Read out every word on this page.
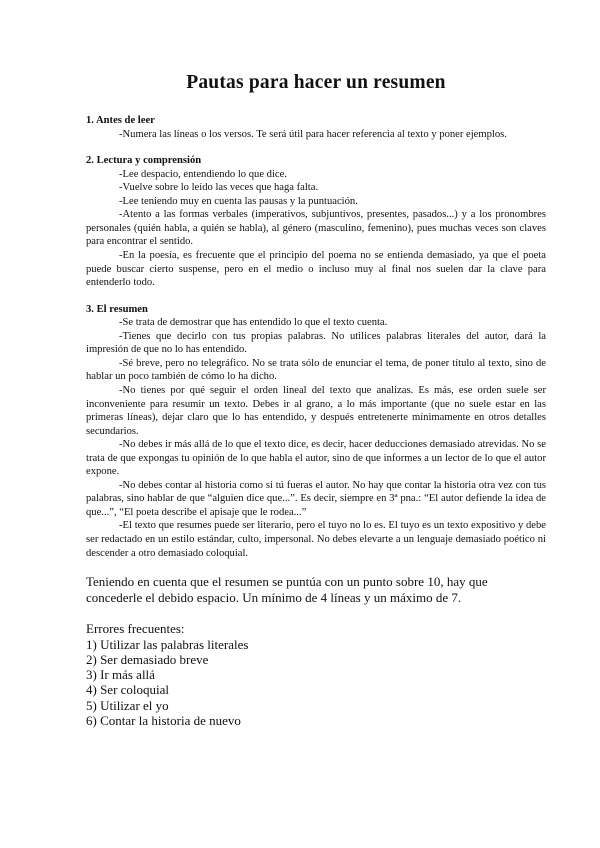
Pautas para hacer un resumen

1. Antes de leer

-Numera las líneas o los versos. Te será útil para hacer referencia al texto y poner ejemplos.

2. Lectura y comprensión

-Lee despacio, entendiendo lo que dice.

-Vuelve sobre lo leído las veces que haga falta.

-Lee teniendo muy en cuenta las pausas y la puntuación.

-Atento a las formas verbales (imperativos, subjuntivos, presentes, pasados...) y a los pronombres personales (quién habla, a quién se habla), al género (masculino, femenino), pues muchas veces son claves para encontrar el sentido.

-En la poesía, es frecuente que el principio del poema no se entienda demasiado, ya que el poeta puede buscar cierto suspense, pero en el medio o incluso muy al final nos suelen dar la clave para entenderlo todo.

3. El resumen

-Se trata de demostrar que has entendido lo que el texto cuenta.

-Tienes que decirlo con tus propias palabras. No utilices palabras literales del autor, dará la impresión de que no lo has entendido.

-Sé breve, pero no telegráfico. No se trata sólo de enunciar el tema, de poner título al texto, sino de hablar un poco también de cómo lo ha dicho.

-No tienes por qué seguir el orden lineal del texto que analizas. Es más, ese orden suele ser inconveniente para resumir un texto. Debes ir al grano, a lo más importante (que no suele estar en las primeras líneas), dejar claro que lo has entendido, y después entretenerte mínimamente en otros detalles secundarios.

-No debes ir más allá de lo que el texto dice, es decir, hacer deducciones demasiado atrevidas. No se trata de que expongas tu opinión de lo que habla el autor, sino de que informes a un lector de lo que el autor expone.

-No debes contar al historia como si tú fueras el autor. No hay que contar la historia otra vez con tus palabras, sino hablar de que “alguien dice que...”. Es decir, siempre en 3ª pna.: “El autor defiende la idea de que...”, “El poeta describe el apisaje que le rodea...”

-El texto que resumes puede ser literario, pero el tuyo no lo es. El tuyo es un texto expositivo y debe ser redactado en un estilo estándar, culto, impersonal. No debes elevarte a un lenguaje demasiado poético ni descender a otro demasiado coloquial.

Teniendo en cuenta que el resumen se puntúa con un punto sobre 10, hay que concederle el debido espacio. Un mínimo de 4 líneas y un máximo de 7.

Errores frecuentes:

1) Utilizar las palabras literales
2) Ser demasiado breve
3) Ir más allá
4) Ser coloquial
5) Utilizar el yo
6) Contar la historia de nuevo
